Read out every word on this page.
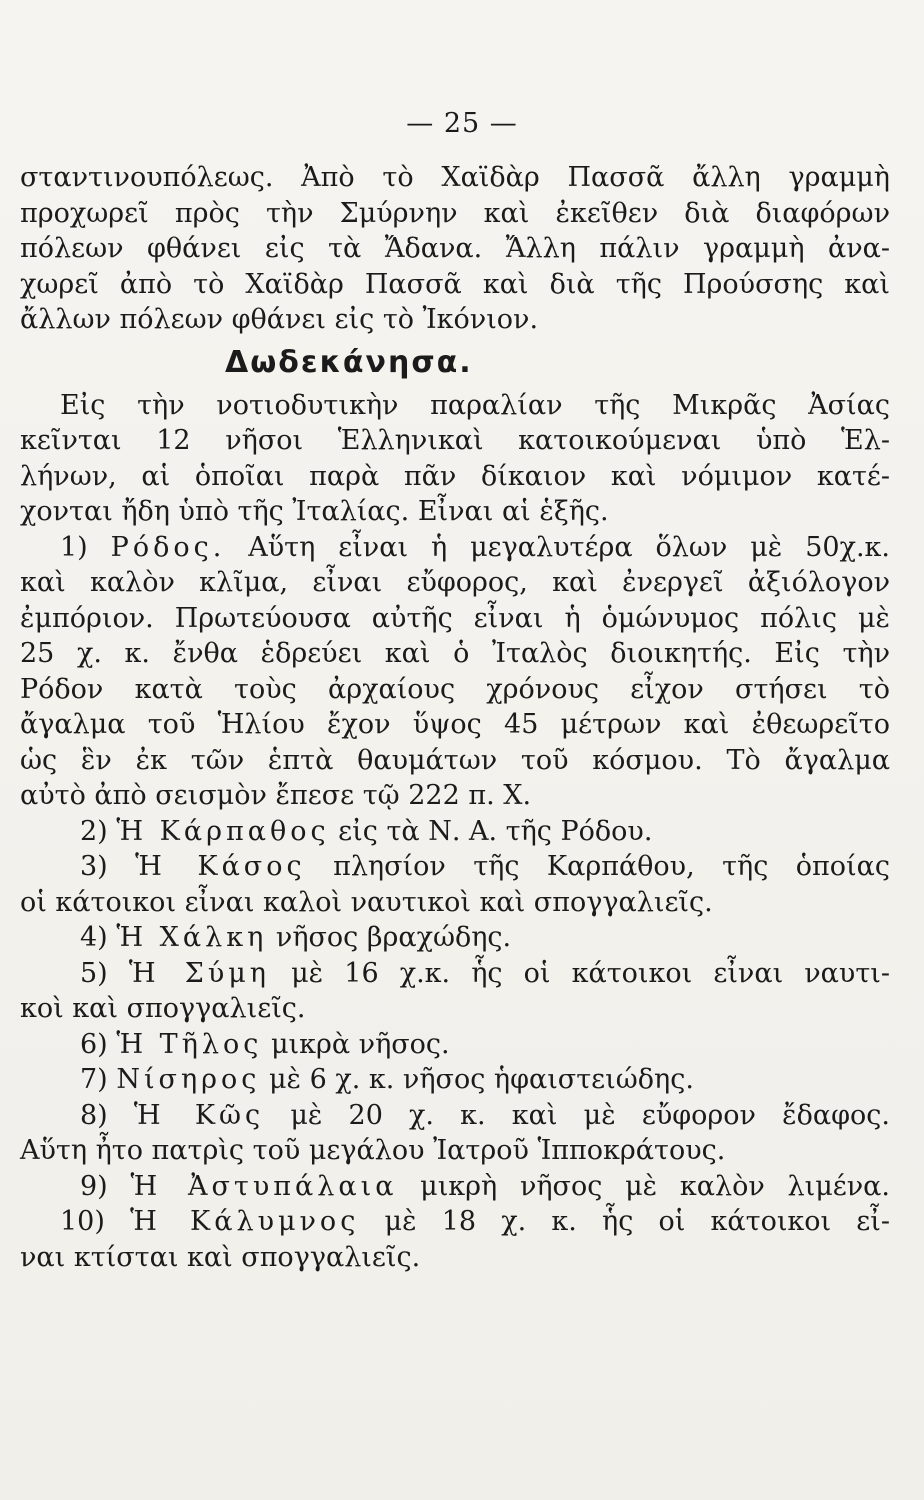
— 25 —
σταντινουπόλεως. Ἀπὸ τὸ Χαϊδὰρ Πασσᾶ ἄλλη γραμμὴ
προχωρεῖ πρὸς τὴν Σμύρνην καὶ ἐκεῖθεν διὰ διαφόρων
πόλεων φθάνει εἰς τὰ Ἄδανα. Ἄλλη πάλιν γραμμὴ ἀνα-
χωρεῖ ἀπὸ τὸ Χαϊδὰρ Πασσᾶ καὶ διὰ τῆς Προύσσης καὶ
ἄλλων πόλεων φθάνει εἰς τὸ Ἰκόνιον.
Δωδεκάνησα.
Εἰς τὴν νοτιοδυτικὴν παραλίαν τῆς Μικρᾶς Ἀσίας
κεῖνται 12 νῆσοι Ἑλληνικαὶ κατοικούμεναι ὑπὸ Ἑλ-
λήνων, αἱ ὁποῖαι παρὰ πᾶν δίκαιον καὶ νόμιμον κατέ-
χονται ἤδη ὑπὸ τῆς Ἰταλίας. Εἶναι αἱ ἑξῆς.
1) Ρόδος. Αὕτη εἶναι ἡ μεγαλυτέρα ὅλων μὲ 50χ.κ.
καὶ καλὸν κλῖμα, εἶναι εὔφορος, καὶ ἐνεργεῖ ἀξιόλογον
ἐμπόριον. Πρωτεύουσα αὐτῆς εἶναι ἡ ὁμώνυμος πόλις μὲ
25 χ. κ. ἔνθα ἑδρεύει καὶ ὁ Ἰταλὸς διοικητής. Εἰς τὴν
Ρόδον κατὰ τοὺς ἀρχαίους χρόνους εἶχον στήσει τὸ
ἄγαλμα τοῦ Ἡλίου ἔχον ὕψος 45 μέτρων καὶ ἐθεωρεῖτο
ὡς ἓν ἐκ τῶν ἑπτὰ θαυμάτων τοῦ κόσμου. Τὸ ἄγαλμα
αὐτὸ ἀπὸ σεισμὸν ἔπεσε τῷ 222 π. Χ.
2) Ἡ Κάρπαθος εἰς τὰ Ν. Α. τῆς Ρόδου.
3) Ἡ Κάσος πλησίον τῆς Καρπάθου, τῆς ὁποίας
οἱ κάτοικοι εἶναι καλοὶ ναυτικοὶ καὶ σπογγαλιεῖς.
4) Ἡ Χάλκη νῆσος βραχώδης.
5) Ἡ Σύμη μὲ 16 χ.κ. ἧς οἱ κάτοικοι εἶναι ναυτι-
κοὶ καὶ σπογγαλιεῖς.
6) Ἡ Τῆλος μικρὰ νῆσος.
7) Νίσηρος μὲ 6 χ. κ. νῆσος ἡφαιστειώδης.
8) Ἡ Κῶς μὲ 20 χ. κ. καὶ μὲ εὔφορον ἔδαφος.
Αὕτη ἦτο πατρὶς τοῦ μεγάλου Ἰατροῦ Ἱπποκράτους.
9) Ἡ Ἀστυπάλαια μικρὴ νῆσος μὲ καλὸν λιμένα.
10) Ἡ Κάλυμνος μὲ 18 χ. κ. ἧς οἱ κάτοικοι εἶ-
ναι κτίσται καὶ σπογγαλιεῖς.
